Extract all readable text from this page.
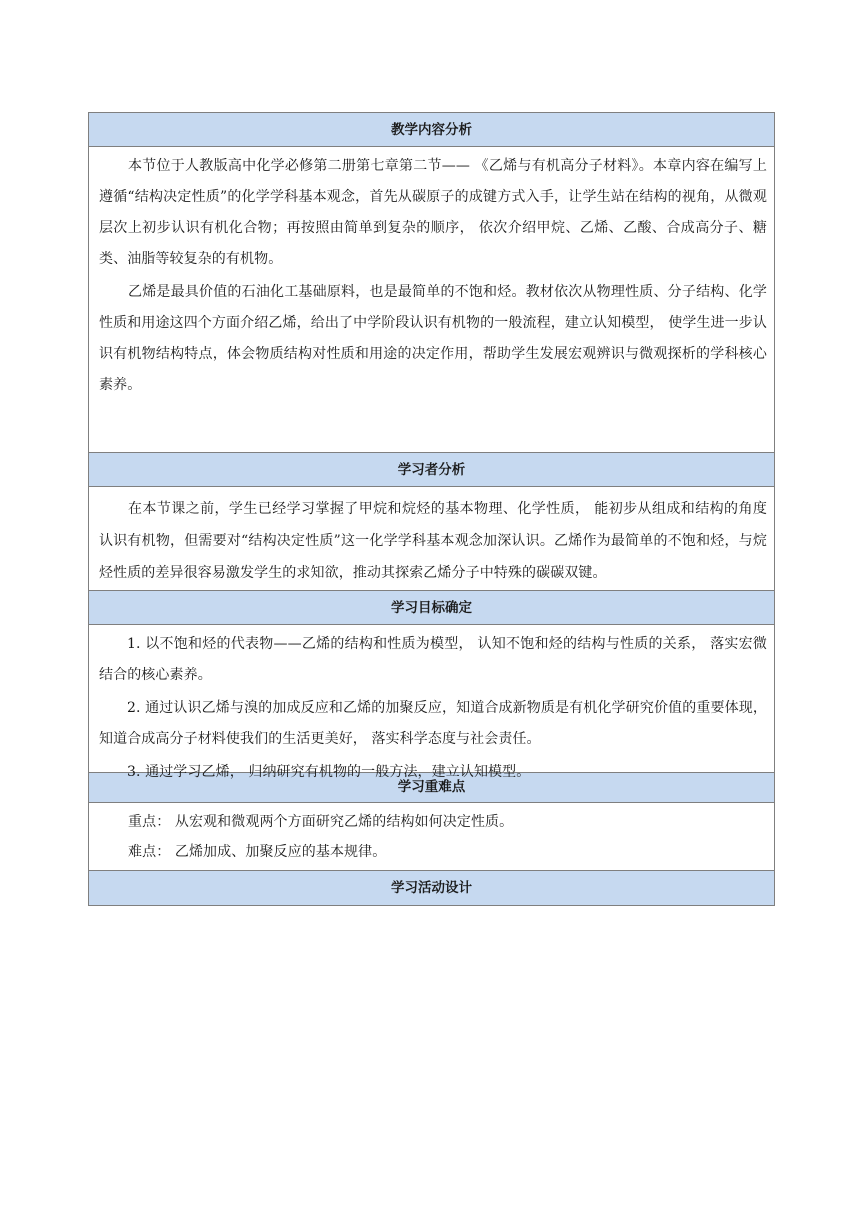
教学内容分析

本节位于人教版高中化学必修第二册第七章第二节—— 《乙烯与有机高分子材料》。本章内容在编写上遵循“结构决定性质”的化学学科基本观念，首先从碳原子的成键方式入手，让学生站在结构的视角，从微观层次上初步认识有机化合物；再按照由简单到复杂的顺序， 依次介绍甲烷、乙烯、乙酸、合成高分子、糖类、油脂等较复杂的有机物。

乙烯是最具价值的石油化工基础原料，也是最简单的不饱和烃。教材依次从物理性质、分子结构、化学性质和用途这四个方面介绍乙烯，给出了中学阶段认识有机物的一般流程，建立认知模型， 使学生进一步认识有机物结构特点，体会物质结构对性质和用途的决定作用，帮助学生发展宏观辨识与微观探析的学科核心素养。

学习者分析

在本节课之前，学生已经学习掌握了甲烷和烷烃的基本物理、化学性质， 能初步从组成和结构的角度认识有机物，但需要对“结构决定性质”这一化学学科基本观念加深认识。乙烯作为最简单的不饱和烃，与烷烃性质的差异很容易激发学生的求知欲，推动其探索乙烯分子中特殊的碳碳双键。

学习目标确定

1. 以不饱和烃的代表物——乙烯的结构和性质为模型， 认知不饱和烃的结构与性质的关系， 落实宏微结合的核心素养。

2. 通过认识乙烯与溴的加成反应和乙烯的加聚反应，知道合成新物质是有机化学研究价值的重要体现， 知道合成高分子材料使我们的生活更美好， 落实科学态度与社会责任。

3. 通过学习乙烯， 归纳研究有机物的一般方法，建立认知模型。

学习重难点

重点： 从宏观和微观两个方面研究乙烯的结构如何决定性质。

难点： 乙烯加成、加聚反应的基本规律。

学习活动设计
